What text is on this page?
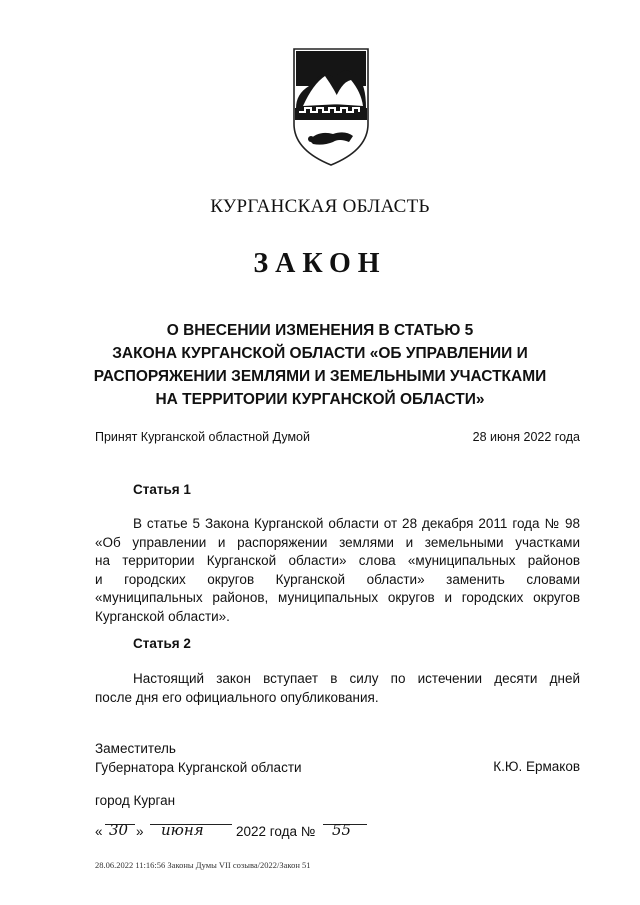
КУРГАНСКАЯ ОБЛАСТЬ
ЗАКОН
О ВНЕСЕНИИ ИЗМЕНЕНИЯ В СТАТЬЮ 5
ЗАКОНА КУРГАНСКОЙ ОБЛАСТИ «ОБ УПРАВЛЕНИИ И
РАСПОРЯЖЕНИИ ЗЕМЛЯМИ И ЗЕМЕЛЬНЫМИ УЧАСТКАМИ
НА ТЕРРИТОРИИ КУРГАНСКОЙ ОБЛАСТИ»
Принят Курганской областной Думой	28 июня 2022 года
Статья 1
В статье 5 Закона Курганской области от 28 декабря 2011 года № 98
«Об управлении и распоряжении землями и земельными участками
на территории Курганской области» слова «муниципальных районов
и городских округов Курганской области» заменить словами
«муниципальных районов, муниципальных округов и городских округов
Курганской области».
Статья 2
Настоящий закон вступает в силу по истечении десяти дней
после дня его официального опубликования.
Заместитель
Губернатора Курганской области	К.Ю. Ермаков
город Курган
« 30 » июня 2022 года № 55
28.06.2022 11:16:56 Законы Думы VII созыва/2022/Закон 51
